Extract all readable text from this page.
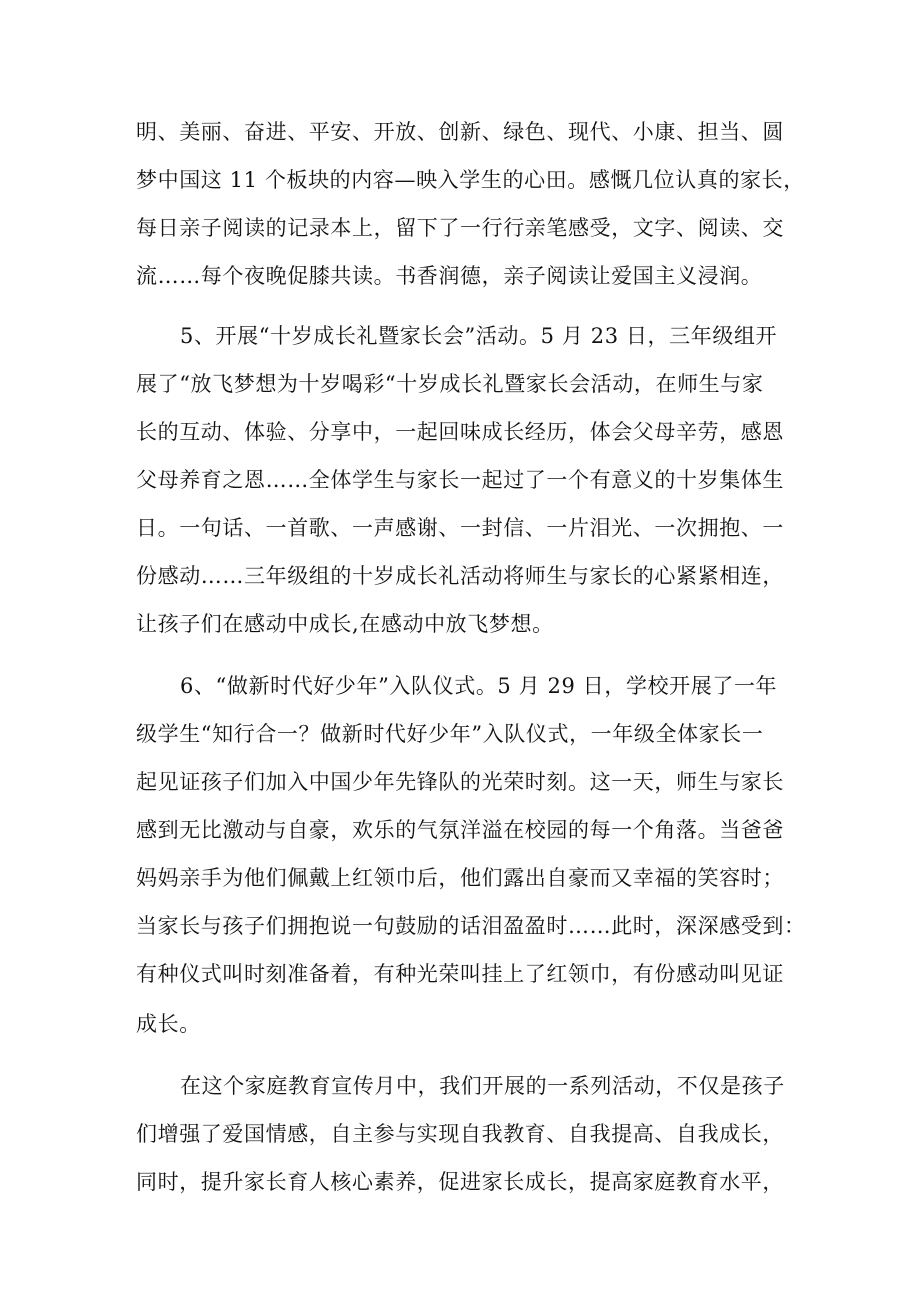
明、美丽、奋进、平安、开放、创新、绿色、现代、小康、担当、圆
梦中国这 11 个板块的内容—映入学生的心田。感慨几位认真的家长，
每日亲子阅读的记录本上，留下了一行行亲笔感受，文字、阅读、交
流……每个夜晚促膝共读。书香润德，亲子阅读让爱国主义浸润。
5、开展“十岁成长礼暨家长会”活动。5 月 23 日，三年级组开
展了“放飞梦想为十岁喝彩“十岁成长礼暨家长会活动，在师生与家
长的互动、体验、分享中，一起回味成长经历，体会父母辛劳，感恩
父母养育之恩……全体学生与家长一起过了一个有意义的十岁集体生
日。一句话、一首歌、一声感谢、一封信、一片泪光、一次拥抱、一
份感动……三年级组的十岁成长礼活动将师生与家长的心紧紧相连，
让孩子们在感动中成长,在感动中放飞梦想。
6、“做新时代好少年”入队仪式。5 月 29 日，学校开展了一年
级学生“知行合一？做新时代好少年”入队仪式，一年级全体家长一
起见证孩子们加入中国少年先锋队的光荣时刻。这一天，师生与家长
感到无比激动与自豪，欢乐的气氛洋溢在校园的每一个角落。当爸爸
妈妈亲手为他们佩戴上红领巾后，他们露出自豪而又幸福的笑容时；
当家长与孩子们拥抱说一句鼓励的话泪盈盈时……此时，深深感受到：
有种仪式叫时刻准备着，有种光荣叫挂上了红领巾，有份感动叫见证
成长。
在这个家庭教育宣传月中，我们开展的一系列活动，不仅是孩子
们增强了爱国情感，自主参与实现自我教育、自我提高、自我成长，
同时，提升家长育人核心素养，促进家长成长，提高家庭教育水平，
